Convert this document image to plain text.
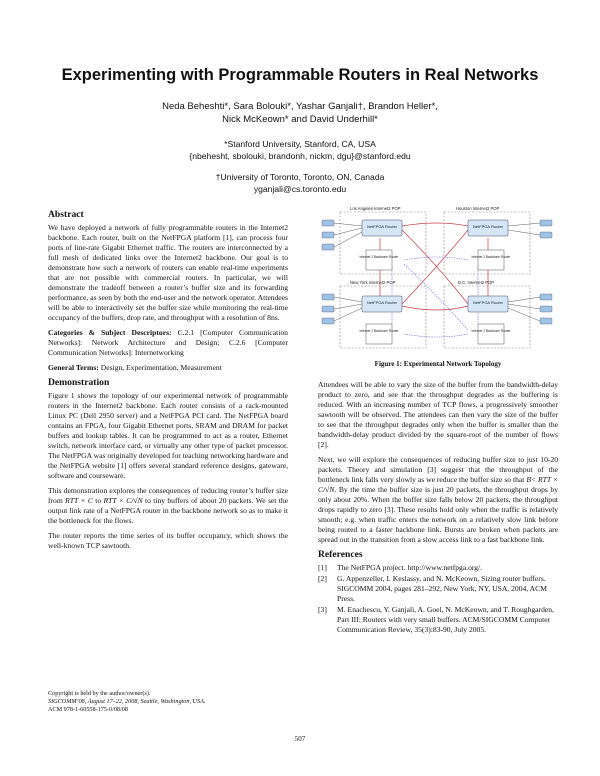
Experimenting with Programmable Routers in Real Networks
Neda Beheshti*, Sara Bolouki*, Yashar Ganjali†, Brandon Heller*,
Nick McKeown* and David Underhill*
*Stanford University, Stanford, CA, USA
{nbehesht, sbolouki, brandonh, nickm, dgu}@stanford.edu
†University of Toronto, Toronto, ON, Canada
yganjali@cs.toronto.edu
Abstract

We have deployed a network of fully programmable routers in the Internet2 backbone. Each router, built on the NetFPGA platform [1], can process four ports of line-rate Gigabit Ethernet traffic. The routers are interconnected by a full mesh of dedicated links over the Internet2 backbone. Our goal is to demonstrate how such a network of routers can enable real-time experiments that are not possible with commercial routers. In particular, we will demonstrate the tradeoff between a router’s buffer size and its forwarding performance, as seen by both the end-user and the network operator. Attendees will be able to interactively set the buffer size while monitoring the real-time occupancy of the buffers, drop rate, and throughput with a resolution of 8ns.

Categories & Subject Descriptors: C.2.1 [Computer Communication Networks]: Network Architecture and Design; C.2.6 [Computer Communication Networks]: Internetworking

General Terms: Design, Experimentation, Measurement

Demonstration

Figure 1 shows the topology of our experimental network of programmable routers in the Internet2 backbone. Each router consists of a rack-mounted Linux PC (Dell 2950 server) and a NetFPGA PCI card. The NetFPGA board contains an FPGA, four Gigabit Ethernet ports, SRAM and DRAM for packet buffers and lookup tables. It can be programmed to act as a router, Ethernet switch, network interface card, or virtually any other type of packet processor. The NetFPGA was originally developed for teaching networking hardware and the NetFPGA website [1] offers several standard reference designs, gateware, software and courseware.

This demonstration explores the consequences of reducing router’s buffer size from RTT × C to RTT × C/√N to tiny buffers of about 20 packets. We set the output link rate of a NetFPGA router in the backbone network so as to make it the bottleneck for the flows.

The router reports the time series of its buffer occupancy, which shows the well-known TCP sawtooth.

Copyright is held by the author/owner(s).
SIGCOMM’08, August 17–22, 2008, Seattle, Washington, USA.
ACM 978-1-60558-175-0/08/08
Los Angeles Internet2 POP	Houston Internet2 POP
New York Internet2 POP	D.C. Internet2 POP
NetFPGA Router	NetFPGA Router
NetFPGA Router	NetFPGA Router
Internet 2 Backbone Router	Internet 2 Backbone Router
Internet 2 Backbone Router	Internet 2 Backbone Router
Figure 1: Experimental Network Topology

Attendees will be able to vary the size of the buffer from the bandwidth-delay product to zero, and see that the throughput degrades as the buffering is reduced. With an increasing number of TCP flows, a progressively smoother sawtooth will be observed. The attendees can then vary the size of the buffer to see that the throughput degrades only when the buffer is smaller than the bandwidth-delay product divided by the square-root of the number of flows [2].

Next, we will explore the consequences of reducing buffer size to just 10-20 packets. Theory and simulation [3] suggest that the throughput of the bottleneck link falls very slowly as we reduce the buffer size so that B< RTT × C/√N. By the time the buffer size is just 20 packets, the throughput drops by only about 20%. When the buffer size falls below 20 packets, the throughput drops rapidly to zero [3]. These results hold only when the traffic is relatively smooth; e.g. when traffic enters the network on a relatively slow link before being routed to a faster backbone link. Bursts are broken when packets are spread out in the transition from a slow access link to a fast backbone link.

References
[1] The NetFPGA project. http://www.netfpga.org/.
[2] G. Appenzeller, I. Keslassy, and N. McKeown, Sizing router buffers. SIGCOMM 2004, pages 281–292, New York, NY, USA, 2004, ACM Press.
[3] M. Enachescu, Y. Ganjali, A. Goel, N. McKeown, and T. Roughgarden, Part III: Routers with very small buffers. ACM/SIGCOMM Computer Communication Review, 35(3):83-90, July 2005.
507
